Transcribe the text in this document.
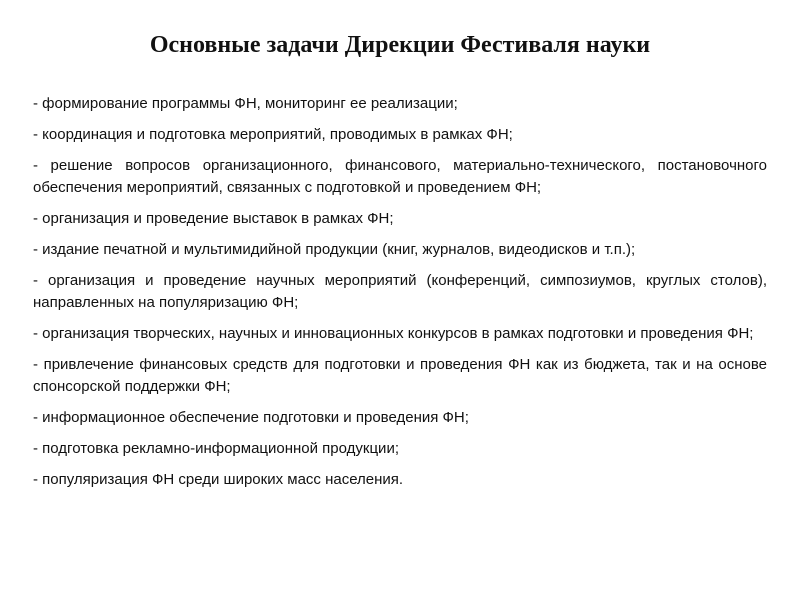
Основные задачи Дирекции Фестиваля науки
- формирование программы ФН, мониторинг ее реализации;
- координация и подготовка мероприятий, проводимых в рамках ФН;
- решение вопросов организационного, финансового, материально-технического, постановочного обеспечения мероприятий, связанных с подготовкой и проведением ФН;
- организация и проведение выставок в рамках ФН;
- издание печатной и мультимидийной продукции (книг, журналов, видеодисков и т.п.);
- организация и проведение научных мероприятий (конференций, симпозиумов, круглых столов), направленных на популяризацию ФН;
- организация творческих, научных и инновационных конкурсов в рамках подготовки и проведения ФН;
- привлечение финансовых средств для подготовки и проведения ФН как из бюджета, так и на основе спонсорской поддержки ФН;
- информационное обеспечение подготовки и проведения ФН;
- подготовка рекламно-информационной продукции;
- популяризация ФН среди широких масс населения.
